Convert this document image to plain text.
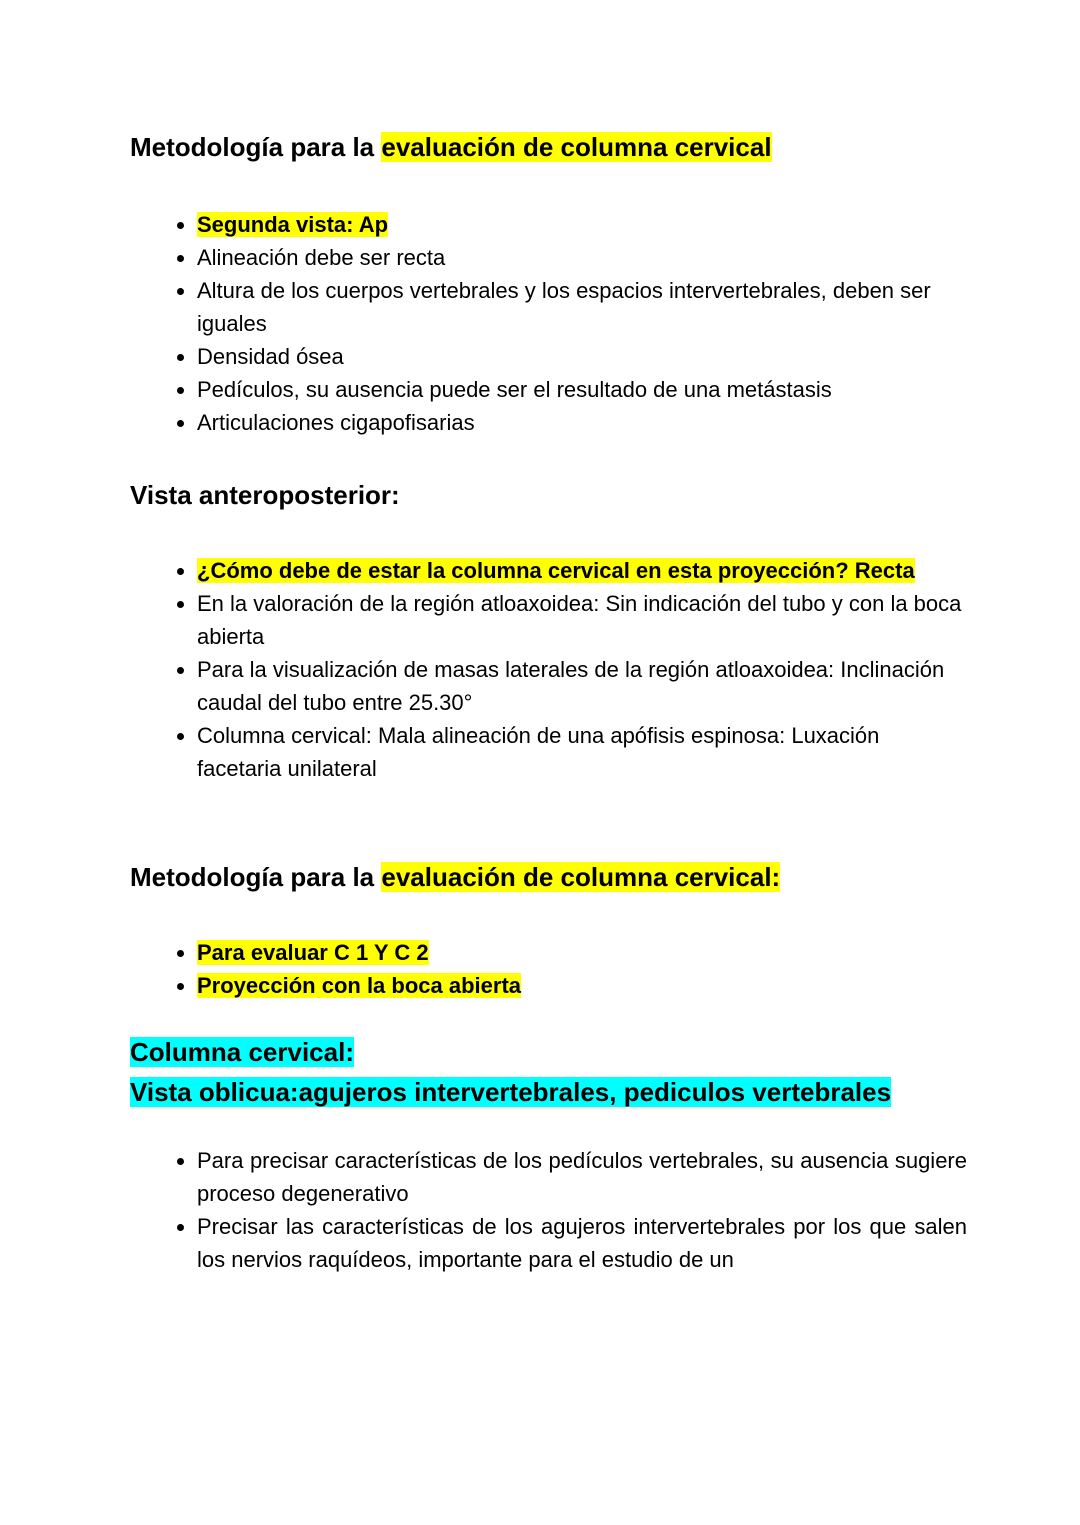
Metodología para la evaluación de columna cervical
• Segunda vista: Ap
• Alineación debe ser recta
• Altura de los cuerpos vertebrales y los espacios intervertebrales, deben ser iguales
• Densidad ósea
• Pedículos, su ausencia puede ser el resultado de una metástasis
• Articulaciones cigapofisarias
Vista anteroposterior:
• ¿Cómo debe de estar la columna cervical en esta proyección? Recta
• En la valoración de la región atloaxoidea: Sin indicación del tubo y con la boca abierta
• Para la visualización de masas laterales de la región atloaxoidea: Inclinación caudal del tubo entre 25.30°
• Columna cervical: Mala alineación de una apófisis espinosa: Luxación facetaria unilateral
Metodología para la evaluación de columna cervical:
• Para evaluar C 1 Y C 2
• Proyección con la boca abierta
Columna cervical:
Vista oblicua:agujeros intervertebrales, pediculos vertebrales
• Para precisar características de los pedículos vertebrales, su ausencia sugiere proceso degenerativo
• Precisar las características de los agujeros intervertebrales por los que salen los nervios raquídeos, importante para el estudio de un
